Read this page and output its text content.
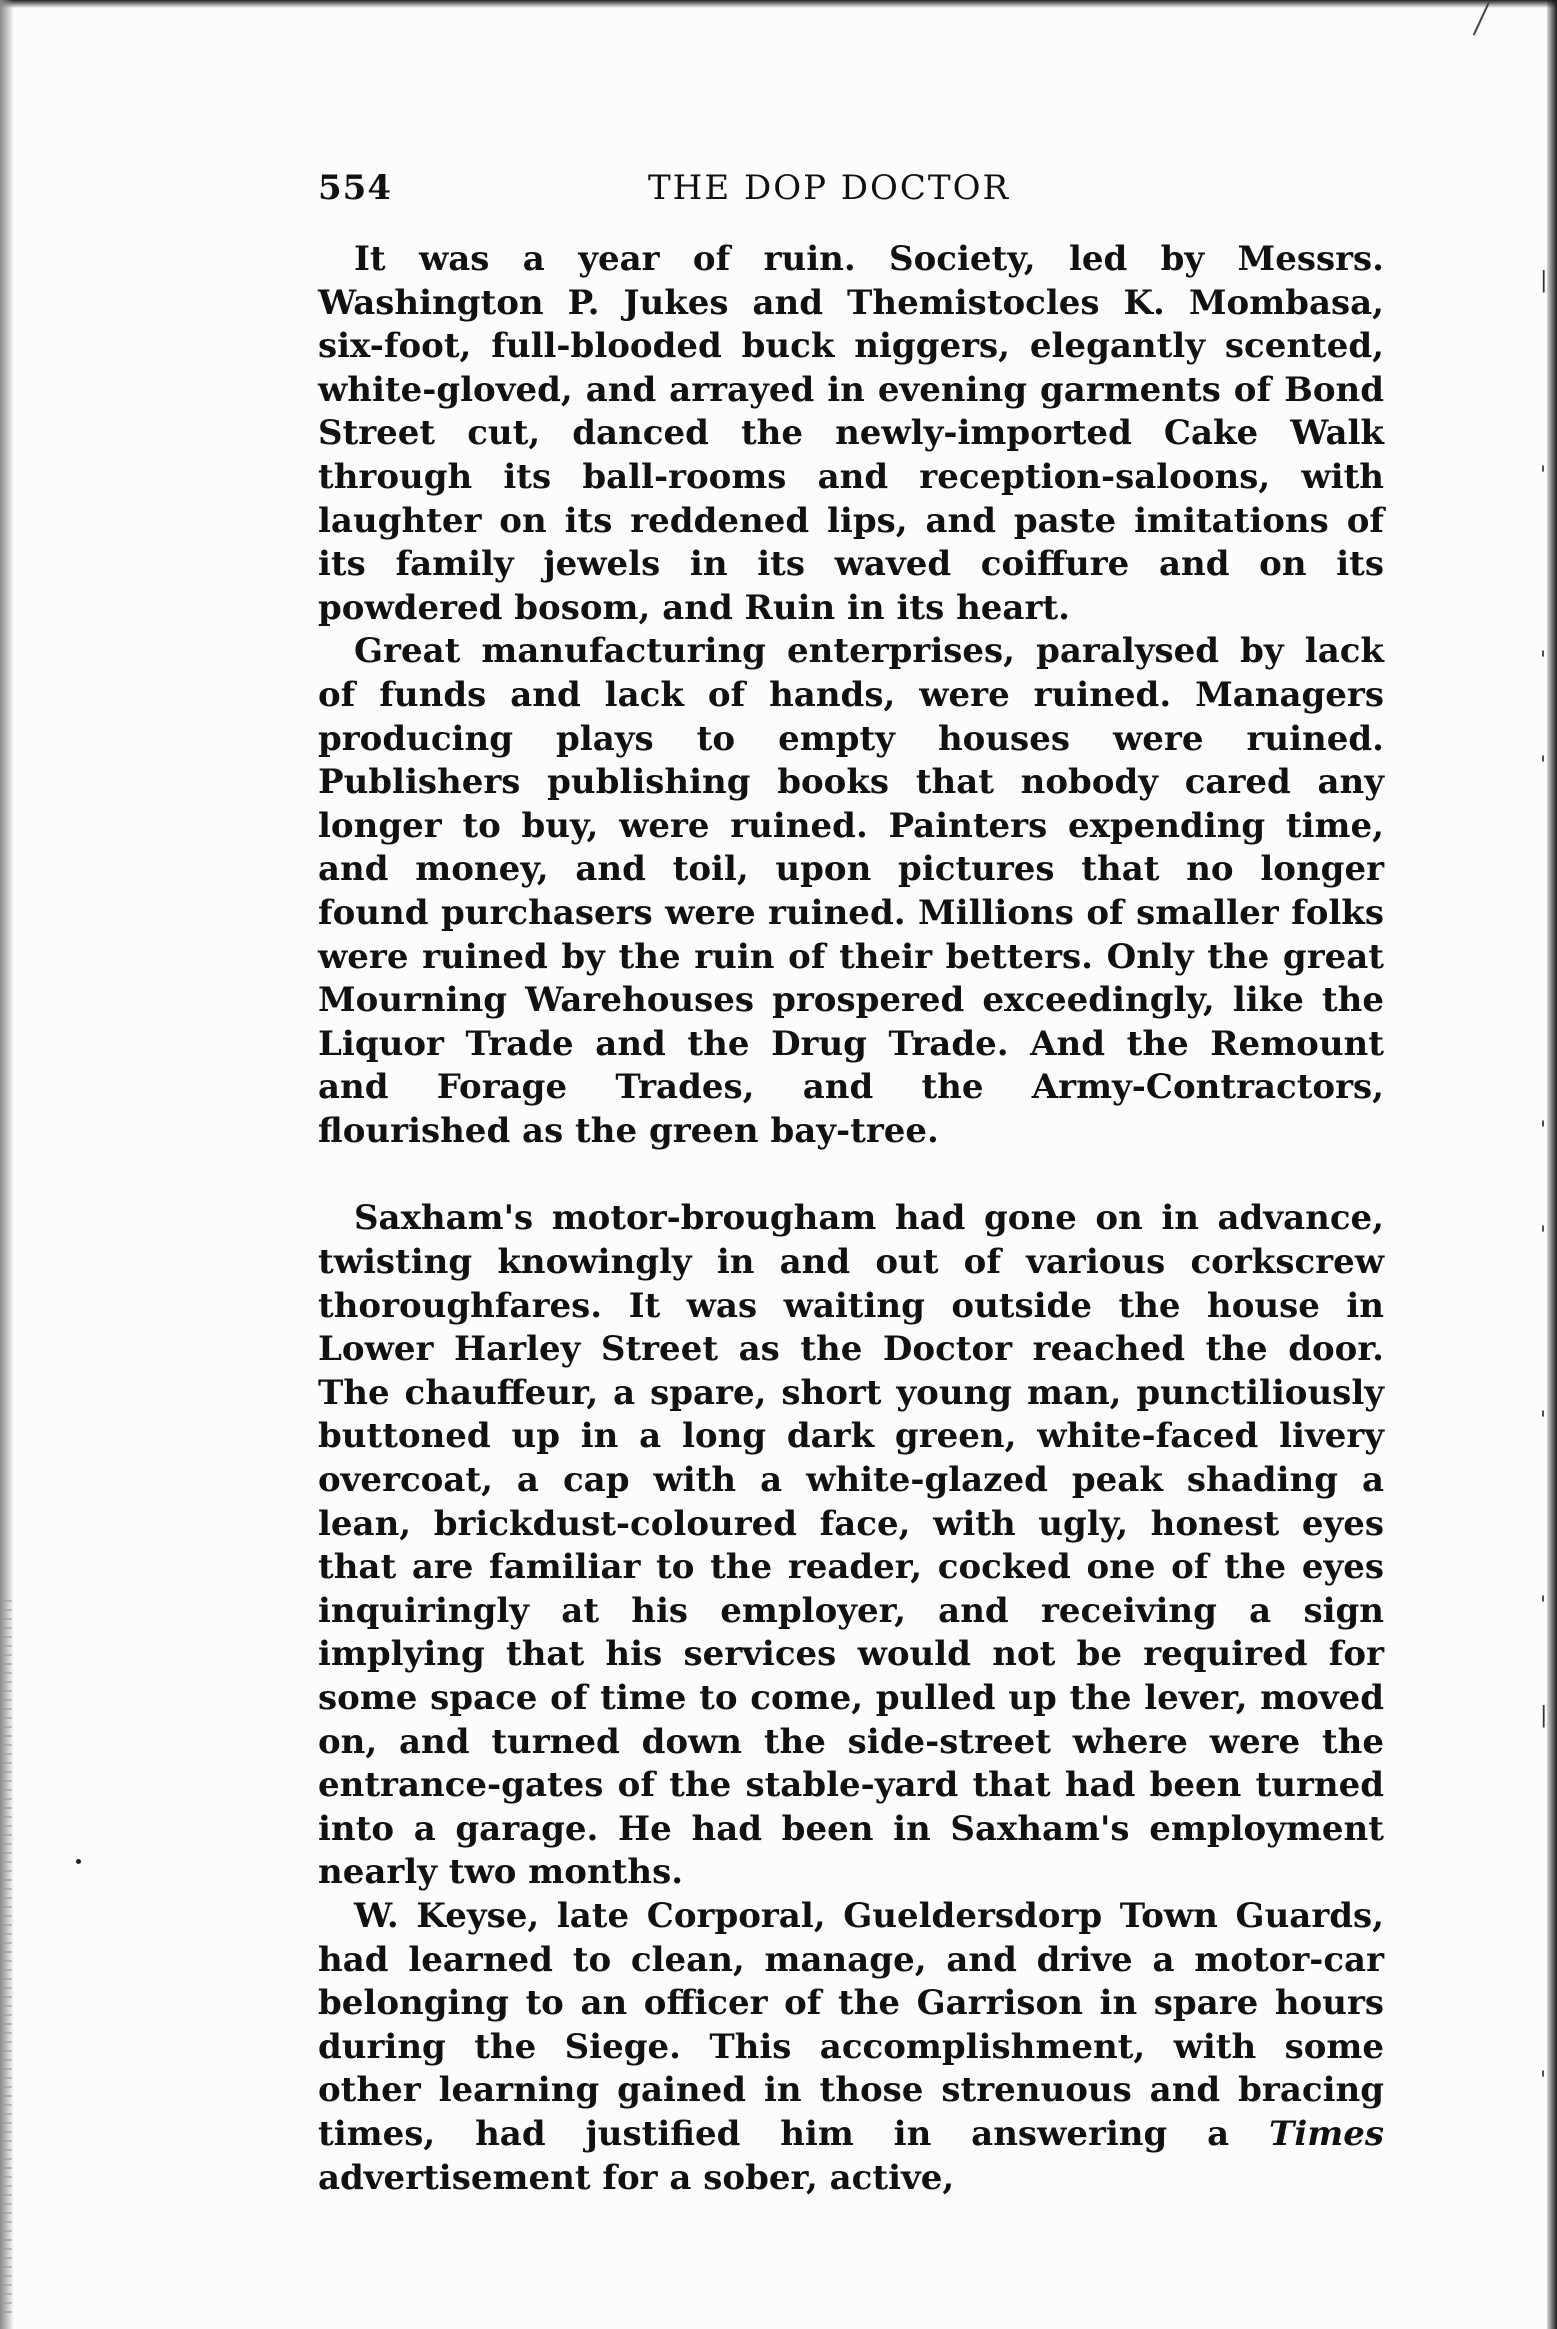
|
'
'
'
'
'
'
'
|
'
554	THE DOP DOCTOR

It was a year of ruin. Society, led by Messrs. Washington P. Jukes and Themistocles K. Mombasa, six-foot, full-blooded buck niggers, elegantly scented, white-gloved, and arrayed in evening garments of Bond Street cut, danced the newly-imported Cake Walk through its ball-rooms and reception-saloons, with laughter on its reddened lips, and paste imitations of its family jewels in its waved coiffure and on its powdered bosom, and Ruin in its heart.

Great manufacturing enterprises, paralysed by lack of funds and lack of hands, were ruined. Managers producing plays to empty houses were ruined. Publishers publishing books that nobody cared any longer to buy, were ruined. Painters expending time, and money, and toil, upon pictures that no longer found purchasers were ruined. Millions of smaller folks were ruined by the ruin of their betters. Only the great Mourning Warehouses prospered exceedingly, like the Liquor Trade and the Drug Trade. And the Remount and Forage Trades, and the Army-Contractors, flourished as the green bay-tree.

Saxham's motor-brougham had gone on in advance, twisting knowingly in and out of various corkscrew thoroughfares. It was waiting outside the house in Lower Harley Street as the Doctor reached the door. The chauffeur, a spare, short young man, punctiliously buttoned up in a long dark green, white-faced livery overcoat, a cap with a white-glazed peak shading a lean, brickdust-coloured face, with ugly, honest eyes that are familiar to the reader, cocked one of the eyes inquiringly at his employer, and receiving a sign implying that his services would not be required for some space of time to come, pulled up the lever, moved on, and turned down the side-street where were the entrance-gates of the stable-yard that had been turned into a garage. He had been in Saxham's employment nearly two months.

W. Keyse, late Corporal, Gueldersdorp Town Guards, had learned to clean, manage, and drive a motor-car belonging to an officer of the Garrison in spare hours during the Siege. This accomplishment, with some other learning gained in those strenuous and bracing times, had justified him in answering a Times advertisement for a sober, active,
